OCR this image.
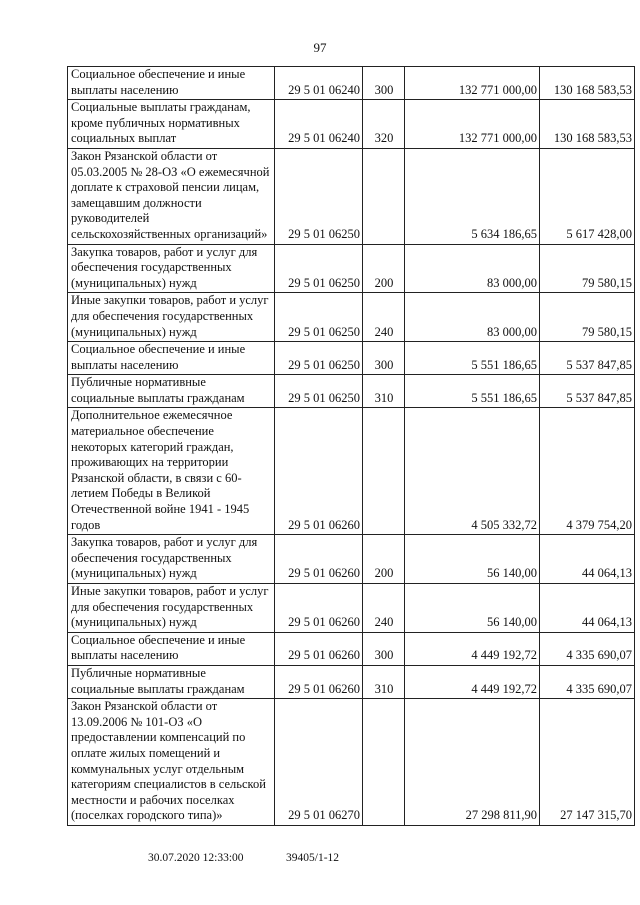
97
Социальное обеспечение и иные выплаты населению	29 5 01 06240	300	132 771 000,00	130 168 583,53
Социальные выплаты гражданам, кроме публичных нормативных социальных выплат	29 5 01 06240	320	132 771 000,00	130 168 583,53
Закон Рязанской области от 05.03.2005 № 28-ОЗ «О ежемесячной доплате к страховой пенсии лицам, замещавшим должности руководителей сельскохозяйственных организаций»	29 5 01 06250		5 634 186,65	5 617 428,00
Закупка товаров, работ и услуг для обеспечения государственных (муниципальных) нужд	29 5 01 06250	200	83 000,00	79 580,15
Иные закупки товаров, работ и услуг для обеспечения государственных (муниципальных) нужд	29 5 01 06250	240	83 000,00	79 580,15
Социальное обеспечение и иные выплаты населению	29 5 01 06250	300	5 551 186,65	5 537 847,85
Публичные нормативные социальные выплаты гражданам	29 5 01 06250	310	5 551 186,65	5 537 847,85
Дополнительное ежемесячное материальное обеспечение некоторых категорий граждан, проживающих на территории Рязанской области, в связи с 60-летием Победы в Великой Отечественной войне 1941 - 1945 годов	29 5 01 06260		4 505 332,72	4 379 754,20
Закупка товаров, работ и услуг для обеспечения государственных (муниципальных) нужд	29 5 01 06260	200	56 140,00	44 064,13
Иные закупки товаров, работ и услуг для обеспечения государственных (муниципальных) нужд	29 5 01 06260	240	56 140,00	44 064,13
Социальное обеспечение и иные выплаты населению	29 5 01 06260	300	4 449 192,72	4 335 690,07
Публичные нормативные социальные выплаты гражданам	29 5 01 06260	310	4 449 192,72	4 335 690,07
Закон Рязанской области от 13.09.2006 № 101-ОЗ «О предоставлении компенсаций по оплате жилых помещений и коммунальных услуг отдельным категориям специалистов в сельской местности и рабочих поселках (поселках городского типа)»	29 5 01 06270		27 298 811,90	27 147 315,70
30.07.2020 12:33:00	39405/1-12
